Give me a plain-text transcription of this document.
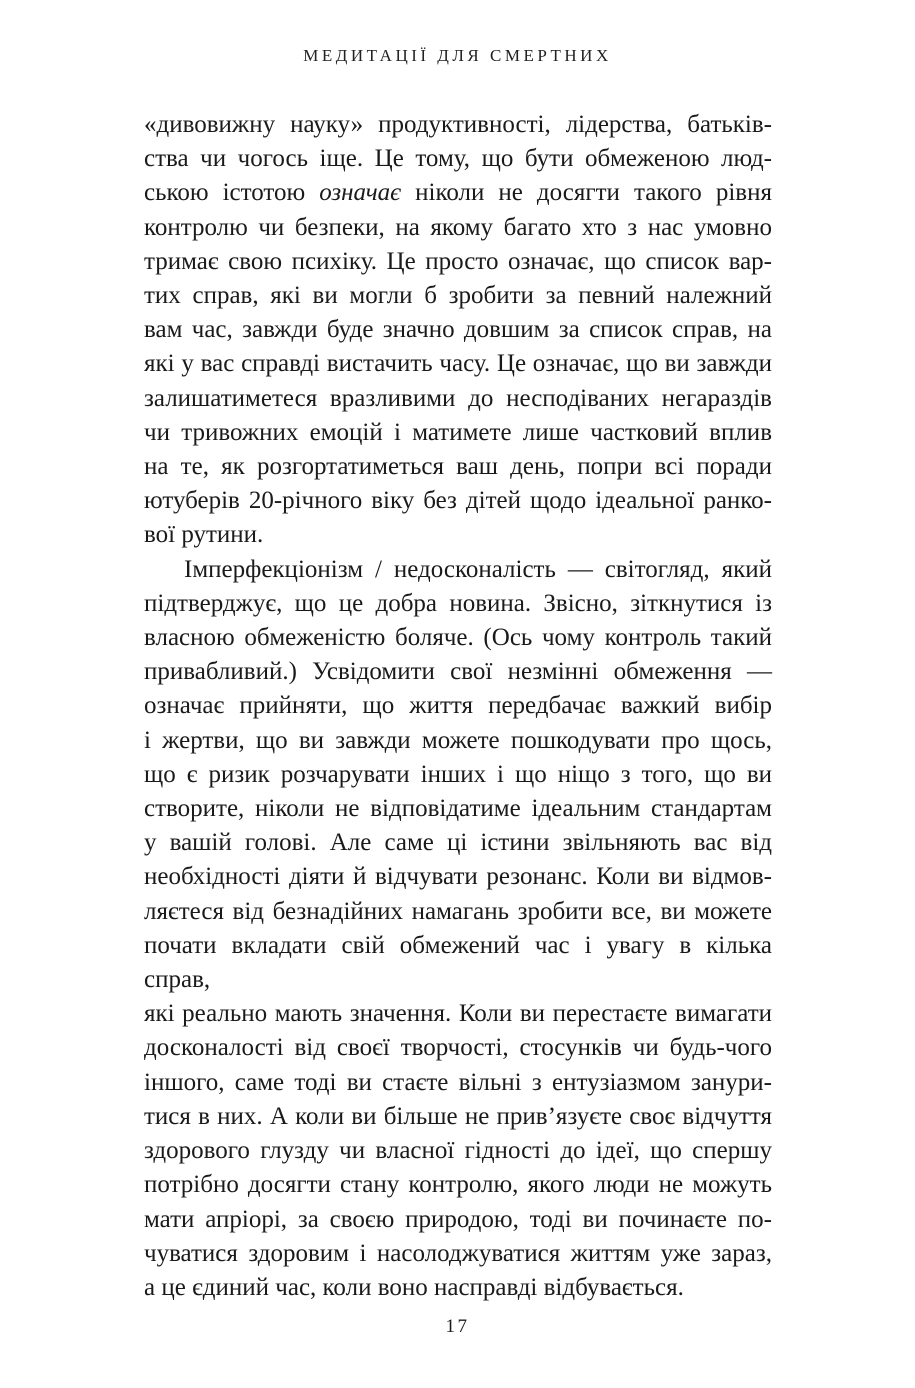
МЕДИТАЦІЇ ДЛЯ СМЕРТНИХ
«дивовижну науку» продуктивності, лідерства, батьків-
ства чи чогось іще. Це тому, що бути обмеженою люд-
ською істотою означає ніколи не досягти такого рівня
контролю чи безпеки, на якому багато хто з нас умовно
тримає свою психіку. Це просто означає, що список вар-
тих справ, які ви могли б зробити за певний належний
вам час, завжди буде значно довшим за список справ, на
які у вас справді вистачить часу. Це означає, що ви завжди
залишатиметеся вразливими до несподіваних негараздів
чи тривожних емоцій і матимете лише частковий вплив
на те, як розгортатиметься ваш день, попри всі поради
ютуберів 20-річного віку без дітей щодо ідеальної ранко-
вої рутини.
Імперфекціонізм / недосконалість — світогляд, який
підтверджує, що це добра новина. Звісно, зіткнутися із
власною обмеженістю боляче. (Ось чому контроль такий
привабливий.) Усвідомити свої незмінні обмеження —
означає прийняти, що життя передбачає важкий вибір
і жертви, що ви завжди можете пошкодувати про щось,
що є ризик розчарувати інших і що ніщо з того, що ви
створите, ніколи не відповідатиме ідеальним стандартам
у вашій голові. Але саме ці істини звільняють вас від
необхідності діяти й відчувати резонанс. Коли ви відмов-
ляєтеся від безнадійних намагань зробити все, ви можете
почати вкладати свій обмежений час і увагу в кілька справ,
які реально мають значення. Коли ви перестаєте вимагати
досконалості від своєї творчості, стосунків чи будь-чого
іншого, саме тоді ви стаєте вільні з ентузіазмом занури-
тися в них. А коли ви більше не прив’язуєте своє відчуття
здорового глузду чи власної гідності до ідеї, що спершу
потрібно досягти стану контролю, якого люди не можуть
мати апріорі, за своєю природою, тоді ви починаєте по-
чуватися здоровим і насолоджуватися життям уже зараз,
а це єдиний час, коли воно насправді відбувається.
17
